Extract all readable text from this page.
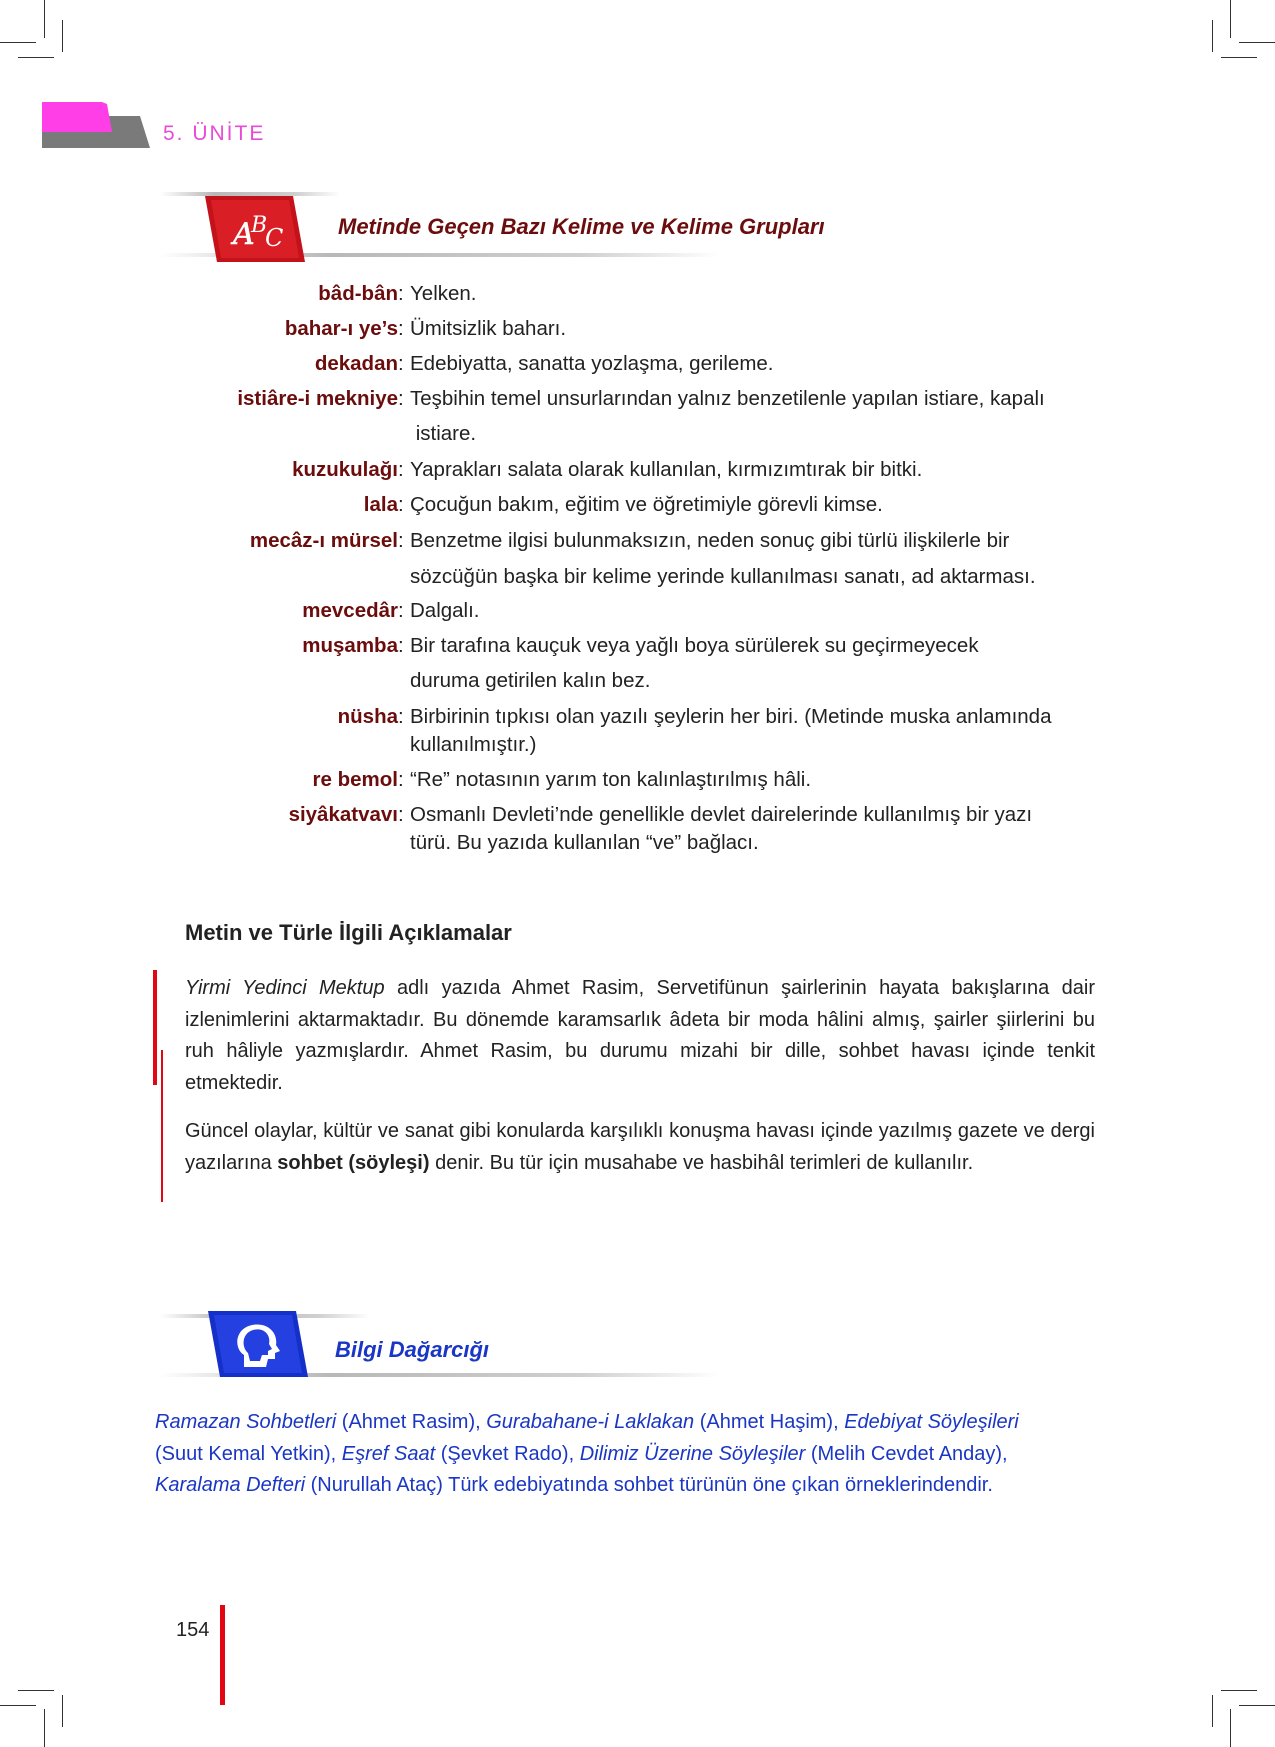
5. ÜNİTE
A
B
C Metinde Geçen Bazı Kelime ve Kelime Grupları
bâd-bân : Yelken.
bahar-ı ye’s : Ümitsizlik baharı.
dekadan : Edebiyatta, sanatta yozlaşma, gerileme.
istiâre-i mekniye : Teşbihin temel unsurlarından yalnız benzetilenle yapılan istiare, kapalı
istiare.
kuzukulağı : Yaprakları salata olarak kullanılan, kırmızımtırak bir bitki.
lala : Çocuğun bakım, eğitim ve öğretimiyle görevli kimse.
mecâz-ı mürsel : Benzetme ilgisi bulunmaksızın, neden sonuç gibi türlü ilişkilerle bir
sözcüğün başka bir kelime yerinde kullanılması sanatı, ad aktarması.
mevcedâr : Dalgalı.
muşamba : Bir tarafına kauçuk veya yağlı boya sürülerek su geçirmeyecek
duruma getirilen kalın bez.
nüsha : Birbirinin tıpkısı olan yazılı şeylerin her biri. (Metinde muska anlamında
kullanılmıştır.)
re bemol : “Re” notasının yarım ton kalınlaştırılmış hâli.
siyâkatvavı : Osmanlı Devleti’nde genellikle devlet dairelerinde kullanılmış bir yazı
türü. Bu yazıda kullanılan “ve” bağlacı.
Metin ve Türle İlgili Açıklamalar
Yirmi Yedinci Mektup adlı yazıda Ahmet Rasim, Servetifünun şairlerinin hayata bakışlarına dair izlenimlerini aktarmaktadır. Bu dönemde karamsarlık âdeta bir moda hâlini almış, şairler şiirlerini bu ruh hâliyle yazmışlardır. Ahmet Rasim, bu durumu mizahi bir dille, sohbet havası içinde tenkit etmektedir.
Güncel olaylar, kültür ve sanat gibi konularda karşılıklı konuşma havası içinde yazılmış gazete ve dergi yazılarına sohbet (söyleşi) denir. Bu tür için musahabe ve hasbihâl terimleri de kullanılır.
Bilgi Dağarcığı
Ramazan Sohbetleri (Ahmet Rasim), Gurabahane-i Laklakan (Ahmet Haşim), Edebiyat Söyleşileri
(Suut Kemal Yetkin), Eşref Saat (Şevket Rado), Dilimiz Üzerine Söyleşiler (Melih Cevdet Anday),
Karalama Defteri (Nurullah Ataç) Türk edebiyatında sohbet türünün öne çıkan örneklerindendir.
154
